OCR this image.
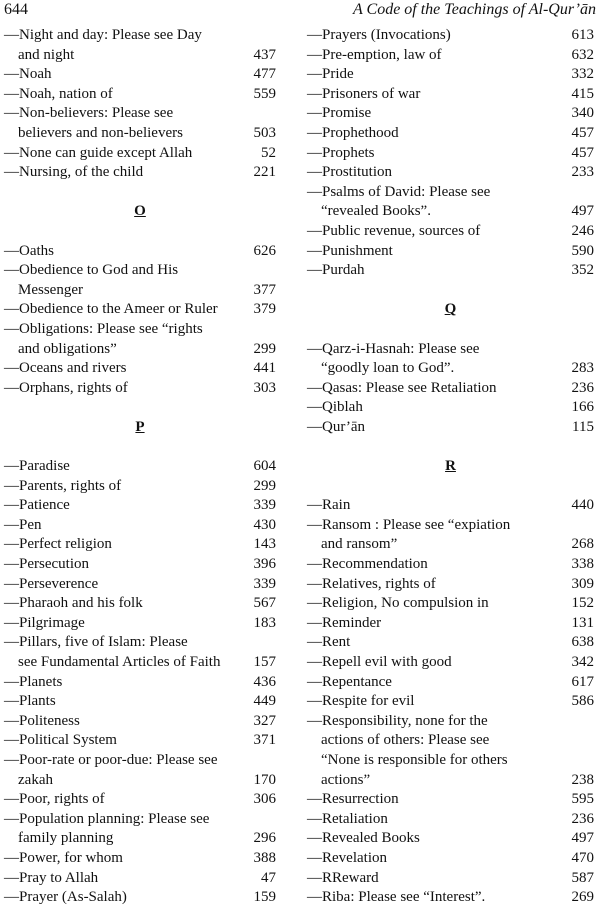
644	A Code of the Teachings of Al-Qur’ān
—Night and day: Please see Day
and night	437
—Noah	477
—Noah, nation of	559
—Non-believers: Please see
believers and non-believers	503
—None can guide except Allah	52
—Nursing, of the child	221
O
—Oaths	626
—Obedience to God and His
Messenger	377
—Obedience to the Ameer or Ruler 379
—Obligations: Please see “rights
and obligations”	299
—Oceans and rivers	441
—Orphans, rights of	303
P
—Paradise	604
—Parents, rights of	299
—Patience	339
—Pen	430
—Perfect religion	143
—Persecution	396
—Perseverence	339
—Pharaoh and his folk	567
—Pilgrimage	183
—Pillars, five of Islam: Please
see Fundamental Articles of Faith 157
—Planets	436
—Plants	449
—Politeness	327
—Political System	371
—Poor-rate or poor-due: Please see
zakah	170
—Poor, rights of	306
—Population planning: Please see
family planning	296
—Power, for whom	388
—Pray to Allah	47
—Prayer (As-Salah)	159
—Prayers (Invocations)	613
—Pre-emption, law of	632
—Pride	332
—Prisoners of war	415
—Promise	340
—Prophethood	457
—Prophets	457
—Prostitution	233
—Psalms of David: Please see
“revealed Books”.	497
—Public revenue, sources of	246
—Punishment	590
—Purdah	352
Q
—Qarz-i-Hasnah: Please see
“goodly loan to God”.	283
—Qasas: Please see Retaliation	236
—Qiblah	166
—Qur’ān	115
R
—Rain	440
—Ransom : Please see “expiation
and ransom”	268
—Recommendation	338
—Relatives, rights of	309
—Religion, No compulsion in	152
—Reminder	131
—Rent	638
—Repell evil with good	342
—Repentance	617
—Respite for evil	586
—Responsibility, none for the
actions of others: Please see
“None is responsible for others
actions”	238
—Resurrection	595
—Retaliation	236
—Revealed Books	497
—Revelation	470
—RReward	587
—Riba: Please see “Interest”.	269
